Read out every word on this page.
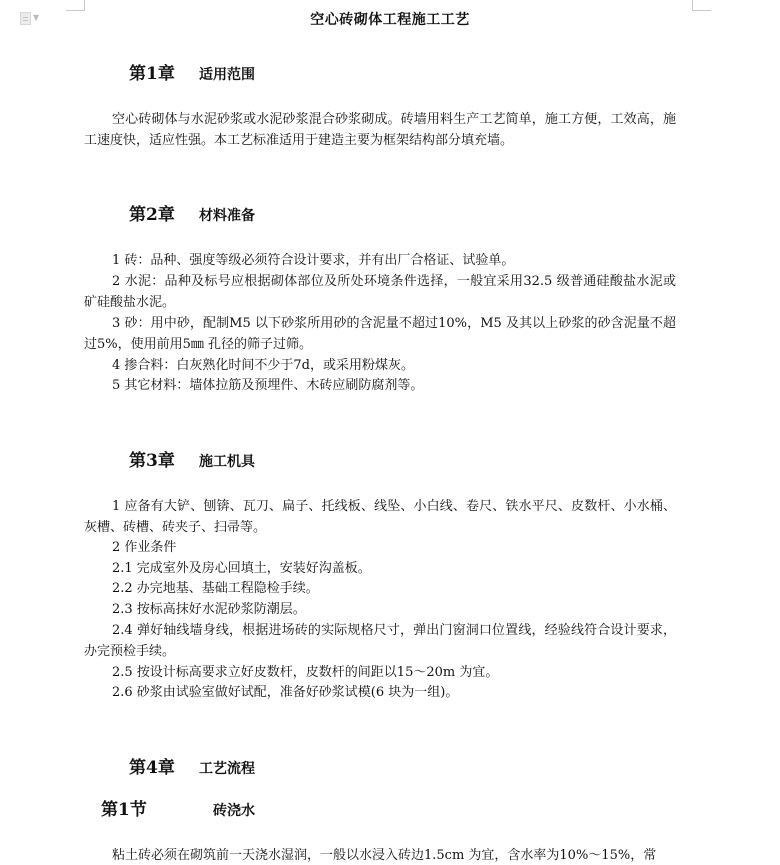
▼	空心砖砌体工程施工工艺
第1章	适用范围

空心砖砌体与水泥砂浆或水泥砂浆混合砂浆砌成。砖墙用料生产工艺简单，施工方便，工效高，施工速度快，适应性强。本工艺标准适用于建造主要为框架结构部分填充墙。

第2章	材料准备

1 砖：品种、强度等级必须符合设计要求，并有出厂合格证、试验单。

2 水泥：品种及标号应根据砌体部位及所处环境条件选择，一般宜采用32.5 级普通硅酸盐水泥或矿硅酸盐水泥。

3 砂：用中砂，配制M5 以下砂浆所用砂的含泥量不超过10%，M5 及其以上砂浆的砂含泥量不超过5%，使用前用5㎜ 孔径的筛子过筛。

4 掺合料：白灰熟化时间不少于7d，或采用粉煤灰。

5 其它材料：墙体拉筋及预埋件、木砖应刷防腐剂等。

第3章	施工机具

1 应备有大铲、刨锛、瓦刀、扁子、托线板、线坠、小白线、卷尺、铁水平尺、皮数杆、小水桶、灰槽、砖槽、砖夹子、扫帚等。

2 作业条件

2.1 完成室外及房心回填土，安装好沟盖板。

2.2 办完地基、基础工程隐检手续。

2.3 按标高抹好水泥砂浆防潮层。

2.4 弹好轴线墙身线，根据进场砖的实际规格尺寸，弹出门窗洞口位置线，经验线符合设计要求，办完预检手续。

2.5 按设计标高要求立好皮数杆，皮数杆的间距以15～20m 为宜。

2.6 砂浆由试验室做好试配，准备好砂浆试模(6 块为一组)。

第4章	工艺流程
第1节	砖浇水

粘土砖必须在砌筑前一天浇水湿润，一般以水浸入砖边1.5cm 为宜，含水率为10%～15%，常
